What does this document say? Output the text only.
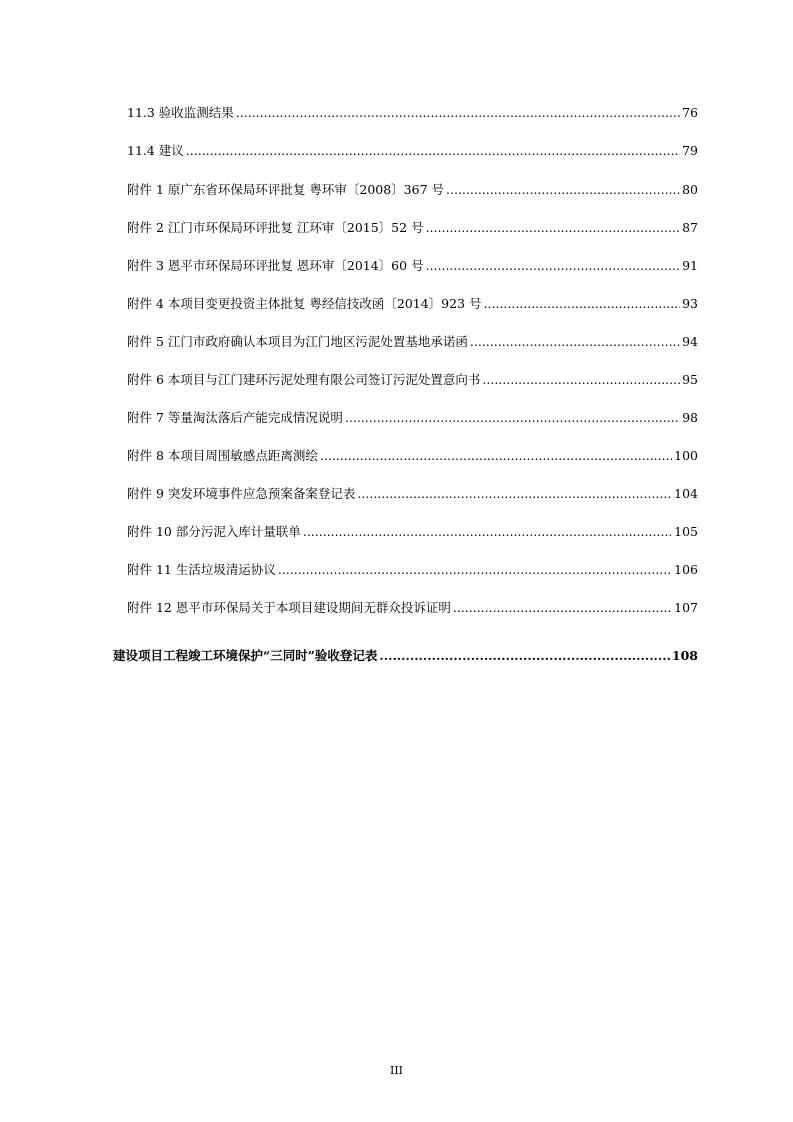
11.3 验收监测结果 .....	76
11.4 建议 .....	79
附件 1 原广东省环保局环评批复 粤环审〔2008〕367 号 .....	80
附件 2 江门市环保局环评批复 江环审〔2015〕52 号 .....	87
附件 3 恩平市环保局环评批复 恩环审〔2014〕60 号 .....	91
附件 4 本项目变更投资主体批复 粤经信技改函〔2014〕923 号 .....	93
附件 5 江门市政府确认本项目为江门地区污泥处置基地承诺函 .....	94
附件 6 本项目与江门建环污泥处理有限公司签订污泥处置意向书 .....	95
附件 7 等量淘汰落后产能完成情况说明 .....	98
附件 8 本项目周围敏感点距离测绘 .....	100
附件 9 突发环境事件应急预案备案登记表 .....	104
附件 10 部分污泥入库计量联单 .....	105
附件 11 生活垃圾清运协议 .....	106
附件 12 恩平市环保局关于本项目建设期间无群众投诉证明 .....	107
建设项目工程竣工环境保护“三同时”验收登记表 .....	108
III
